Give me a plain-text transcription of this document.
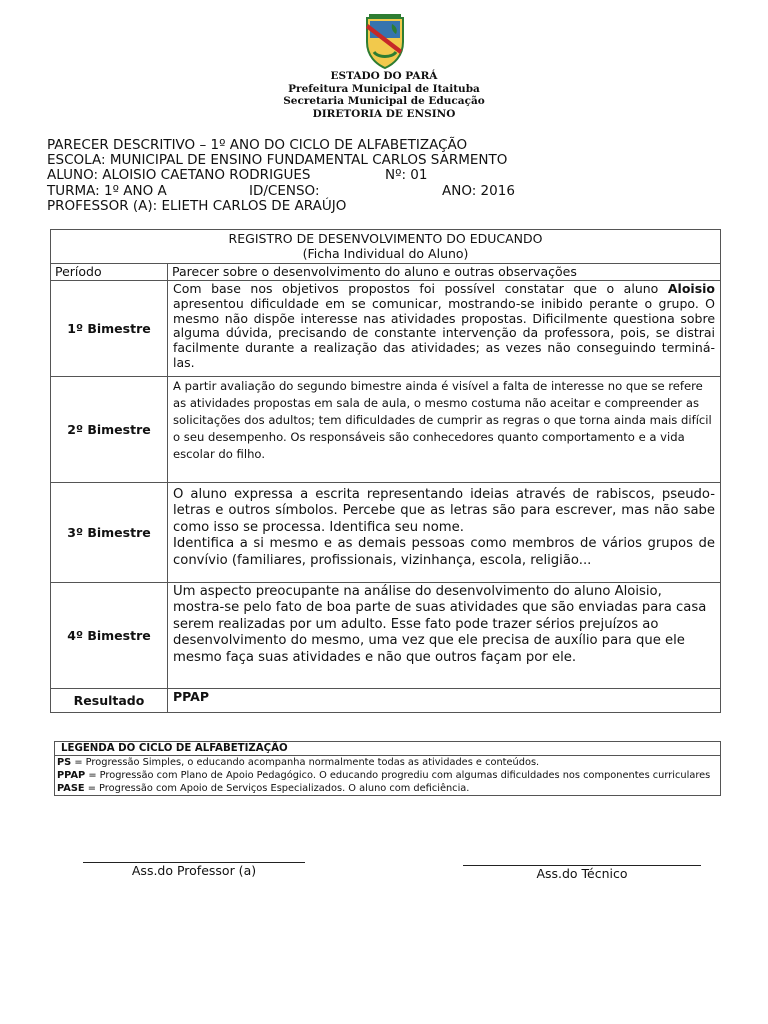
ESTADO DO PARÁ
Prefeitura Municipal de Itaituba
Secretaria Municipal de Educação
DIRETORIA DE ENSINO
PARECER DESCRITIVO – 1º ANO DO CICLO DE ALFABETIZAÇÃO
ESCOLA: MUNICIPAL DE ENSINO FUNDAMENTAL CARLOS SARMENTO
ALUNO: ALOISIO CAETANO RODRIGUES	Nº: 01
TURMA: 1º ANO A	ID/CENSO:	ANO: 2016
PROFESSOR (A): ELIETH CARLOS DE ARAÚJO
REGISTRO DE DESENVOLVIMENTO DO EDUCANDO
(Ficha Individual do Aluno)	

Período	Parecer sobre o desenvolvimento do aluno e outras observações
1º Bimestre	Com base nos objetivos propostos foi possível constatar que o aluno Aloisio apresentou dificuldade em se comunicar, mostrando-se inibido perante o grupo. O mesmo não dispõe interesse nas atividades propostas. Dificilmente questiona sobre alguma dúvida, precisando de constante intervenção da professora, pois, se distrai facilmente durante a realização das atividades; as vezes não conseguindo terminá-las.
2º Bimestre	A partir avaliação do segundo bimestre ainda é visível a falta de interesse no que se refere as atividades propostas em sala de aula, o mesmo costuma não aceitar e compreender as solicitações dos adultos; tem dificuldades de cumprir as regras o que torna ainda mais difícil o seu desempenho. Os responsáveis são conhecedores quanto comportamento e a vida escolar do filho.
3º Bimestre	O aluno expressa a escrita representando ideias através de rabiscos, pseudo-letras e outros símbolos. Percebe que as letras são para escrever, mas não sabe como isso se processa. Identifica seu nome.
Identifica a si mesmo e as demais pessoas como membros de vários grupos de convívio (familiares, profissionais, vizinhança, escola, religião...
4º Bimestre	Um aspecto preocupante na análise do desenvolvimento do aluno Aloisio, mostra-se pelo fato de boa parte de suas atividades que são enviadas para casa serem realizadas por um adulto. Esse fato pode trazer sérios prejuízos ao desenvolvimento do mesmo, uma vez que ele precisa de auxílio para que ele mesmo faça suas atividades e não que outros façam por ele.
Resultado	PPAP
LEGENDA DO CICLO DE ALFABETIZAÇÃO
PS = Progressão Simples, o educando acompanha normalmente todas as atividades e conteúdos.
PPAP = Progressão com Plano de Apoio Pedagógico. O educando progrediu com algumas dificuldades nos componentes curriculares
PASE = Progressão com Apoio de Serviços Especializados. O aluno com deficiência.
Ass.do Professor (a)	Ass.do Técnico
